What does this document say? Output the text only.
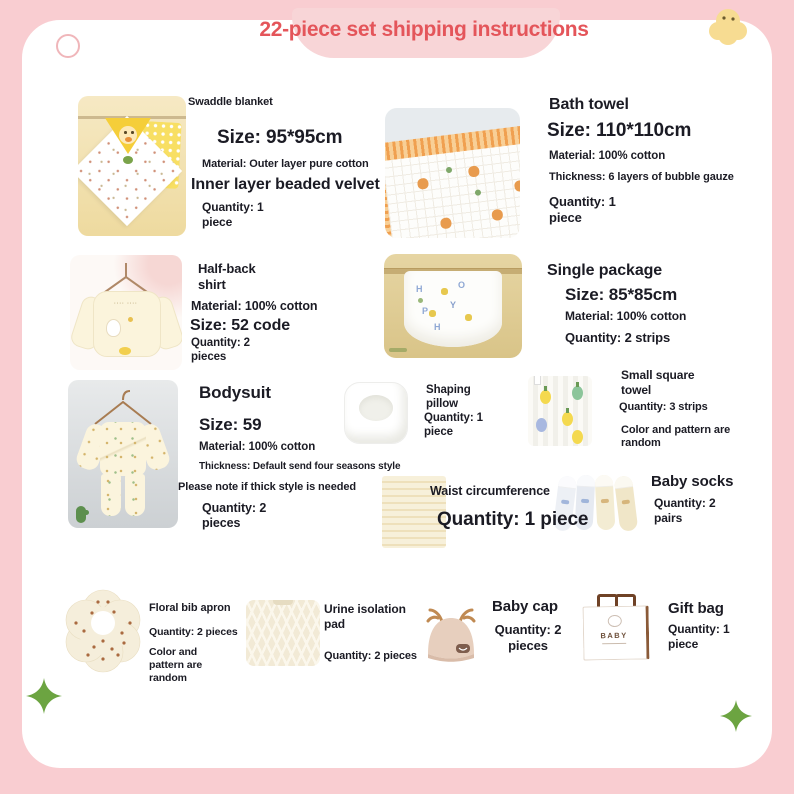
22-piece set shipping instructions
Swaddle blanket
Size: 95*95cm
Material: Outer layer pure cotton
Inner layer beaded velvet
Quantity: 1 piece
Bath towel
Size: 110*110cm
Material: 100% cotton
Thickness: 6 layers of bubble gauze
Quantity: 1 piece
···· ····
Half-back shirt
Material: 100% cotton
Size: 52 code
Quantity: 2 pieces
H	O
P
Y
H
Single package
Size: 85*85cm
Material: 100% cotton
Quantity: 2 strips
Bodysuit
Size: 59
Material: 100% cotton
Thickness: Default send four seasons style
Please note if thick style is needed
Quantity: 2 pieces
Shaping pillow
Quantity: 1 piece
Small square towel
Quantity: 3 strips
Color and pattern are random
Waist circumference
Quantity: 1 piece
Baby socks
Quantity: 2 pairs
Floral bib apron
Quantity: 2 pieces
Color and pattern are random
Urine isolation pad
Quantity: 2 pieces
Baby cap
Quantity: 2 pieces
BABY
Gift bag
Quantity: 1 piece
